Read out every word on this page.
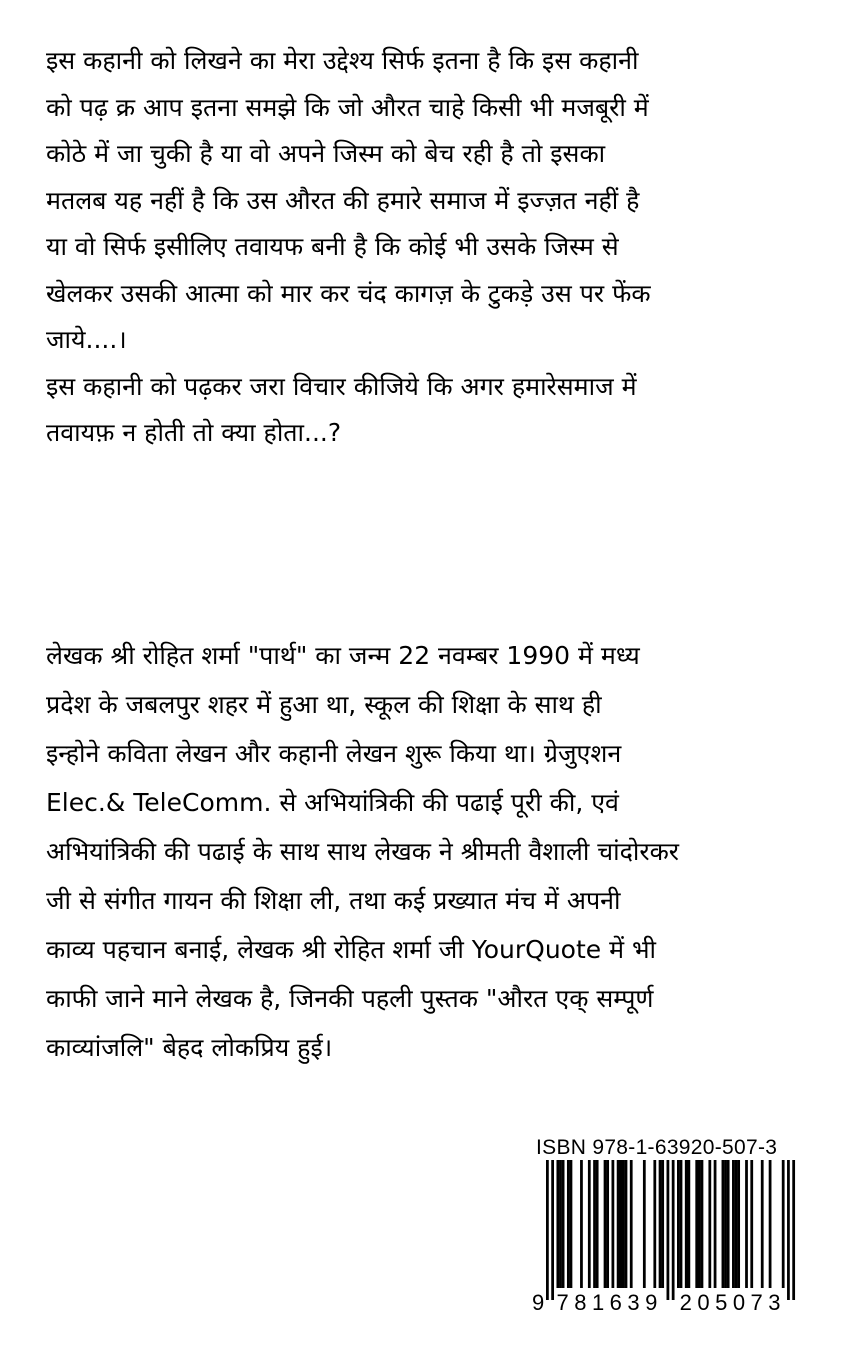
इस कहानी को लिखने का मेरा उद्देश्य सिर्फ इतना है कि इस कहानी
को पढ़ क्र आप इतना समझे कि जो औरत चाहे किसी भी मजबूरी में
कोठे में जा चुकी है या वो अपने जिस्म को बेच रही है तो इसका
मतलब यह नहीं है कि उस औरत की हमारे समाज में इज्ज़त नहीं है
या वो सिर्फ इसीलिए तवायफ बनी है कि कोई भी उसके जिस्म से
खेलकर उसकी आत्मा को मार कर चंद कागज़ के टुकड़े उस पर फेंक
जाये....।
इस कहानी को पढ़कर जरा विचार कीजिये कि अगर हमारेसमाज में
तवायफ़ न होती तो क्या होता...?
लेखक श्री रोहित शर्मा "पार्थ" का जन्म 22 नवम्बर 1990 में मध्य
प्रदेश के जबलपुर शहर में हुआ था, स्कूल की शिक्षा के साथ ही
इन्होने कविता लेखन और कहानी लेखन शुरू किया था। ग्रेजुएशन
Elec.& TeleComm. से अभियांत्रिकी की पढाई पूरी की, एवं
अभियांत्रिकी की पढाई के साथ साथ लेखक ने श्रीमती वैशाली चांदोरकर
जी से संगीत गायन की शिक्षा ली, तथा कई प्रख्यात मंच में अपनी
काव्य पहचान बनाई, लेखक श्री रोहित शर्मा जी YourQuote में भी
काफी जाने माने लेखक है, जिनकी पहली पुस्तक "औरत एक् सम्पूर्ण
काव्यांजलि" बेहद लोकप्रिय हुई।
ISBN 978-1-63920-507-3
9 781639 205073
